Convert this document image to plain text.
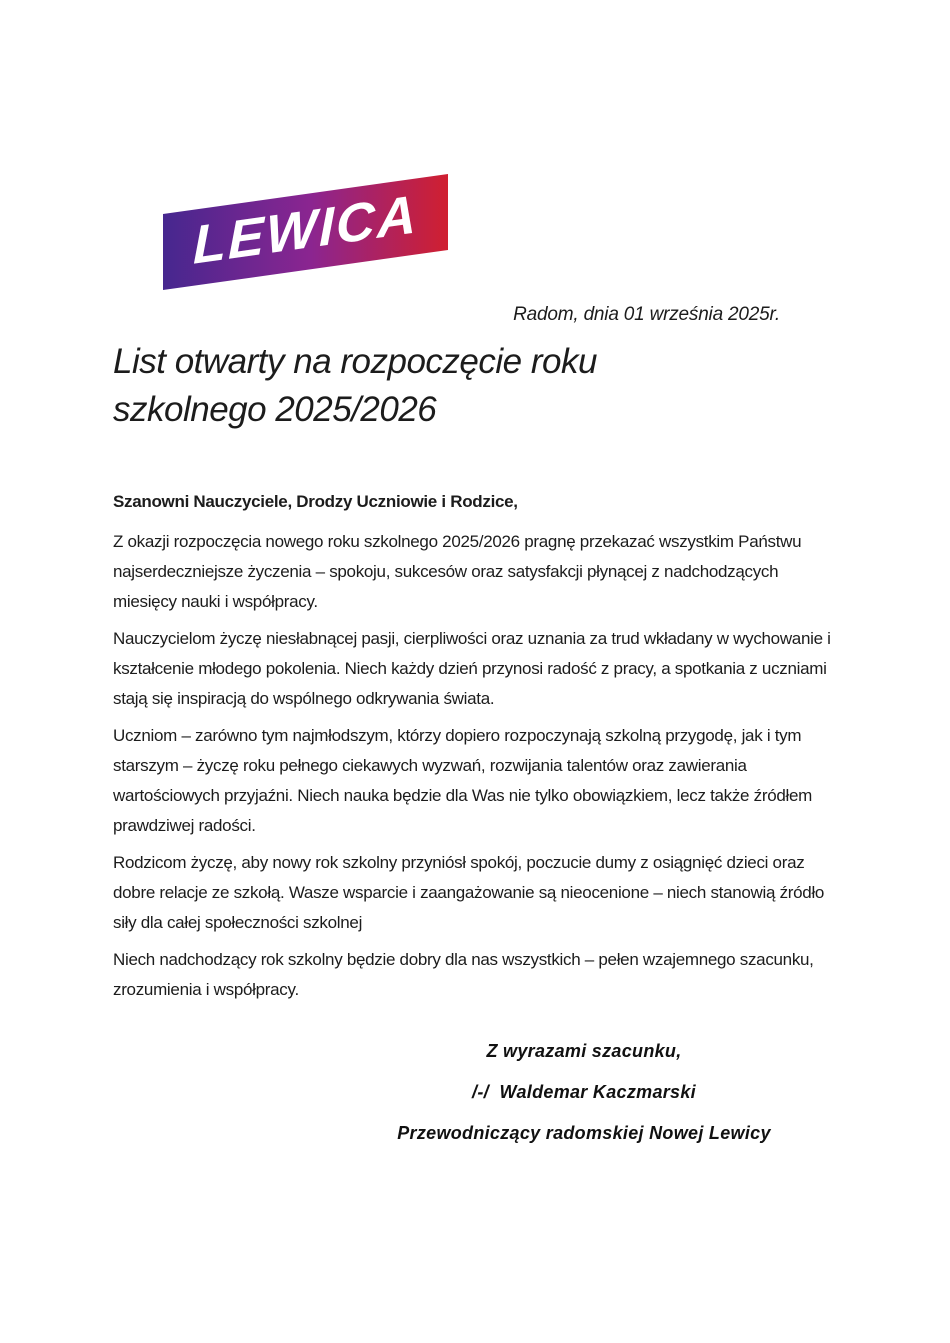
LEWICA
Radom, dnia 01 września 2025r.
List otwarty na rozpoczęcie roku szkolnego 2025/2026
Szanowni Nauczyciele, Drodzy Uczniowie i Rodzice,

Z okazji rozpoczęcia nowego roku szkolnego 2025/2026 pragnę przekazać wszystkim Państwu najserdeczniejsze życzenia – spokoju, sukcesów oraz satysfakcji płynącej z nadchodzących miesięcy nauki i współpracy.

Nauczycielom życzę niesłabnącej pasji, cierpliwości oraz uznania za trud wkładany w wychowanie i kształcenie młodego pokolenia. Niech każdy dzień przynosi radość z pracy, a spotkania z uczniami stają się inspiracją do wspólnego odkrywania świata.

Uczniom – zarówno tym najmłodszym, którzy dopiero rozpoczynają szkolną przygodę, jak i tym starszym – życzę roku pełnego ciekawych wyzwań, rozwijania talentów oraz zawierania wartościowych przyjaźni. Niech nauka będzie dla Was nie tylko obowiązkiem, lecz także źródłem prawdziwej radości.

Rodzicom życzę, aby nowy rok szkolny przyniósł spokój, poczucie dumy z osiągnięć dzieci oraz dobre relacje ze szkołą. Wasze wsparcie i zaangażowanie są nieocenione – niech stanowią źródło siły dla całej społeczności szkolnej

Niech nadchodzący rok szkolny będzie dobry dla nas wszystkich – pełen wzajemnego szacunku, zrozumienia i współpracy.

Z wyrazami szacunku,
/-/  Waldemar Kaczmarski
Przewodniczący radomskiej Nowej Lewicy
